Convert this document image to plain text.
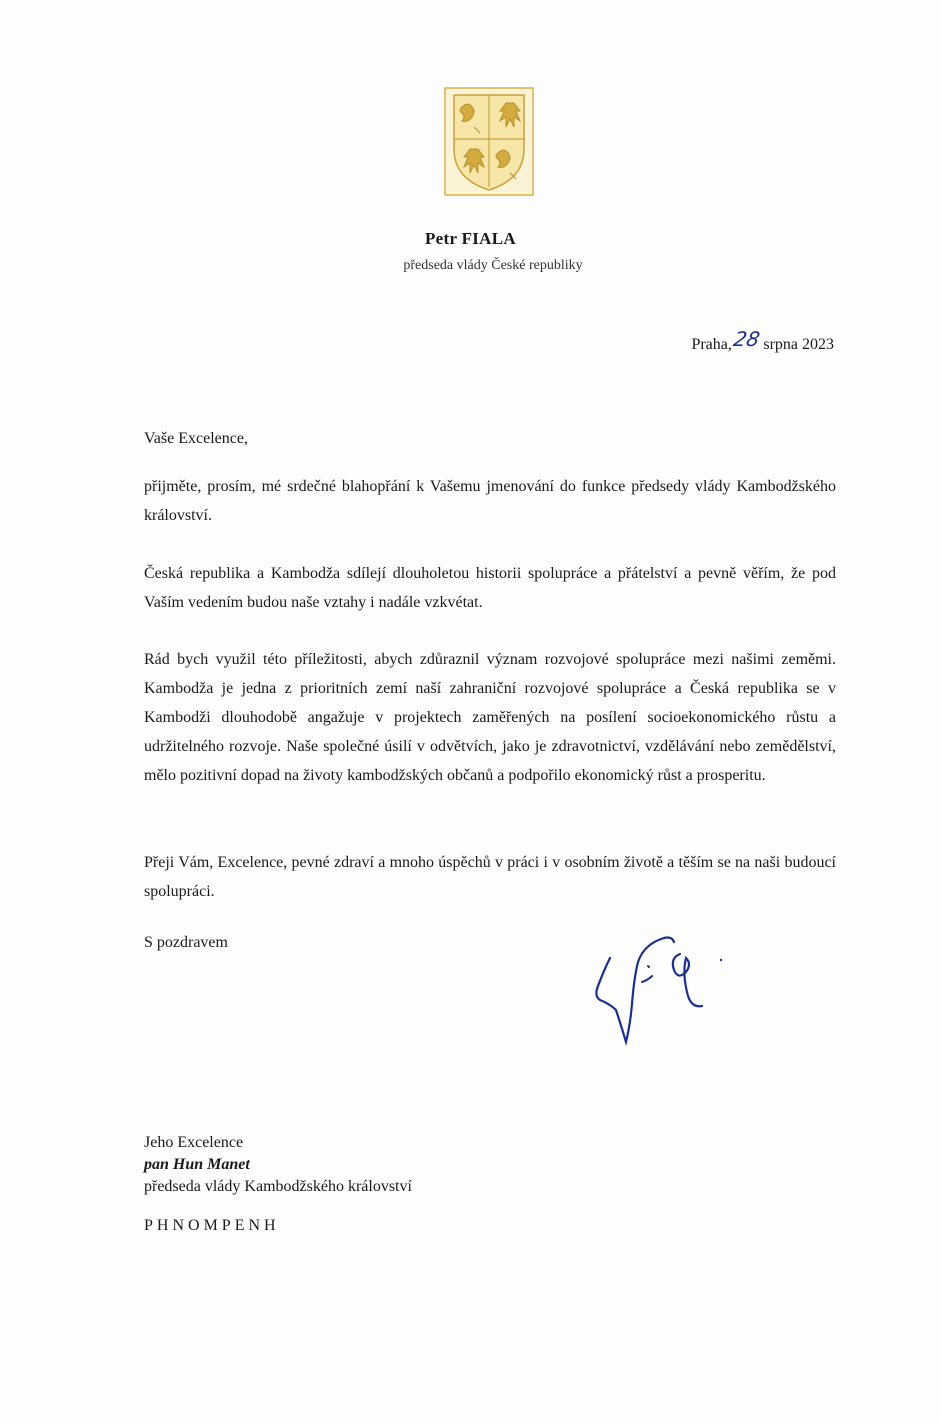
Petr FIALA
předseda vlády České republiky
Praha, 28 srpna 2023
Vaše Excelence,

přijměte, prosím, mé srdečné blahopřání k Vašemu jmenování do funkce předsedy vlády Kambodžského království.

Česká republika a Kambodža sdílejí dlouholetou historii spolupráce a přátelství a pevně věřím, že pod Vaším vedením budou naše vztahy i nadále vzkvétat.

Rád bych využil této příležitosti, abych zdůraznil význam rozvojové spolupráce mezi našimi zeměmi. Kambodža je jedna z prioritních zemí naší zahraniční rozvojové spolupráce a Česká republika se v Kambodži dlouhodobě angažuje v projektech zaměřených na posílení socioekonomického růstu a udržitelného rozvoje. Naše společné úsilí v odvětvích, jako je zdravotnictví, vzdělávání nebo zemědělství, mělo pozitivní dopad na životy kambodžských občanů a podpořilo ekonomický růst a prosperitu.

Přeji Vám, Excelence, pevné zdraví a mnoho úspěchů v práci i v osobním životě a těším se na naši budoucí spolupráci.

S pozdravem
Jeho Excelence
pan Hun Manet
předseda vlády Kambodžského království
PHNOMPENH
